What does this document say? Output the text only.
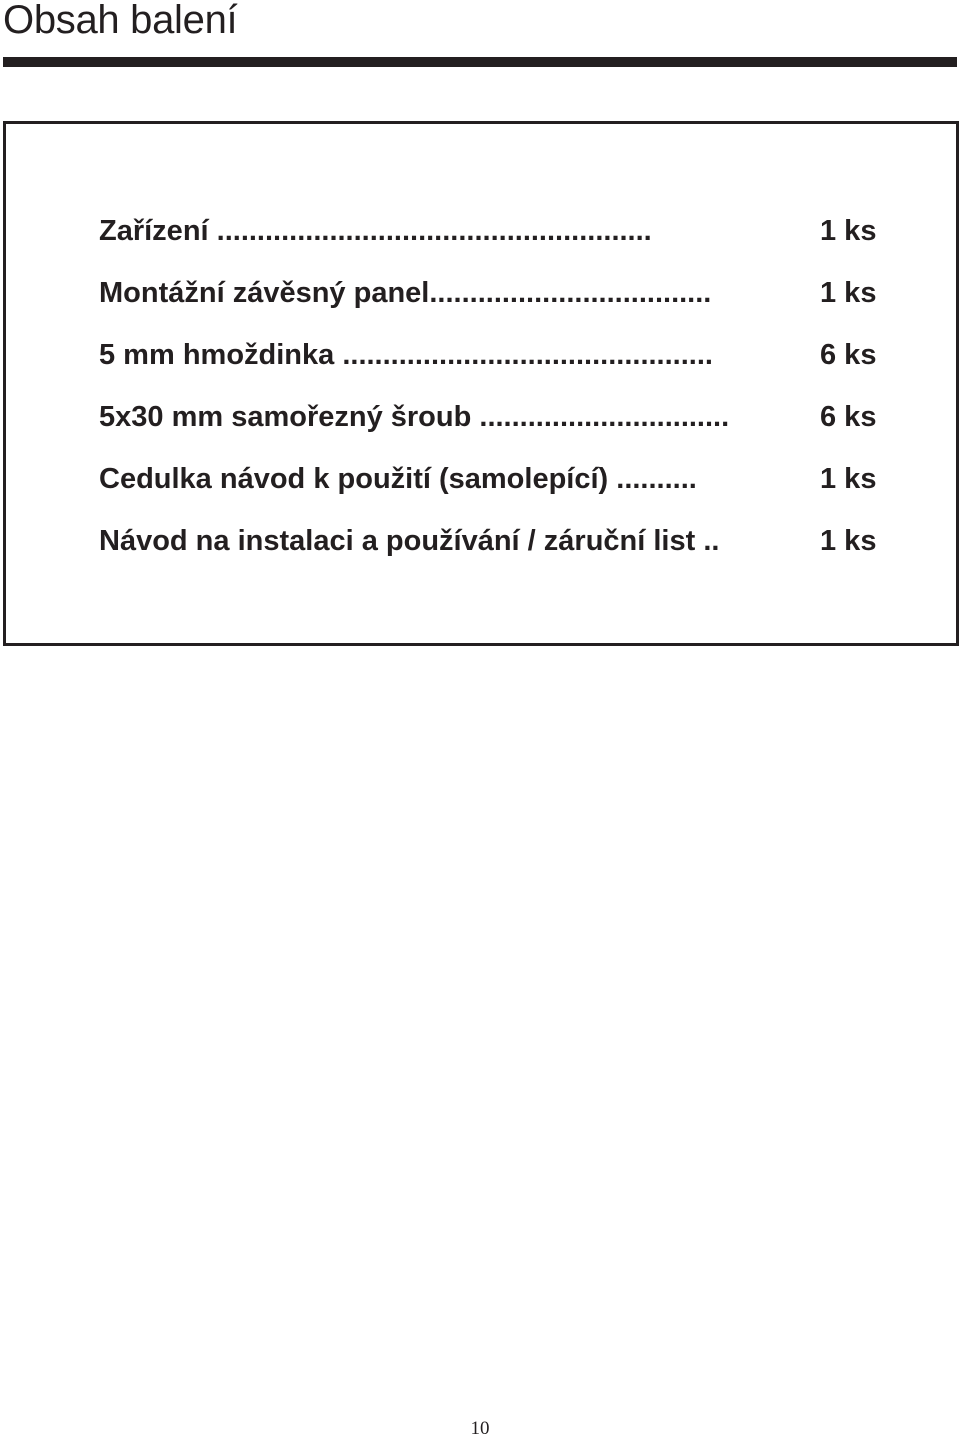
Obsah balení
Zařízení ......................................................	1 ks
Montážní závěsný panel...................................	1 ks
5 mm hmoždinka ..............................................	6 ks
5x30 mm samořezný šroub ...............................	6 ks
Cedulka návod k použití (samolepící) ..........	1 ks
Návod na instalaci a používání / záruční list ..	1 ks
10
